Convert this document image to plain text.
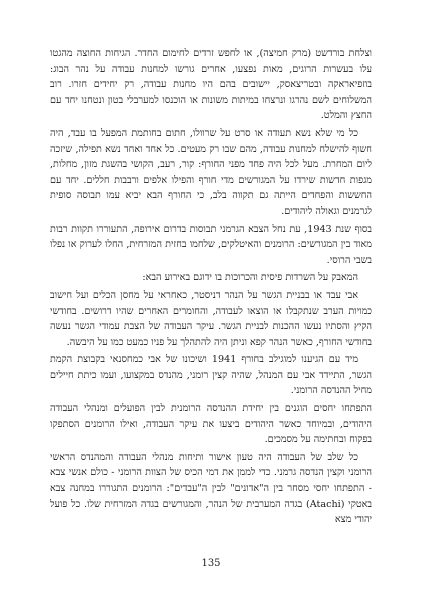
וצלחת בורדשט (מרק חמיצה), או לחפש זרדים לחימום החדר. הגיחות החוצה מהגטו עלו בעשרות הרוגים, מאות נפצעו, אחרים גורשו למחנות עבודה על נהר הבוג: בוזפיאראקה ובטריצאסק, יישובים בהם היו מחנות עבודה, רק יחידים חזרו. רוב המשלוחים לשם נהרגו ונרצחו במיתות משונות או הוכנסו למערבלי בטון ונטחנו יחד עם החצץ והמלט.

כל מי שלא נשא תעודה או סרט על שרוולו, חתום בחותמת המפעל בו עבד, היה חשוף להישלח למחנות עבודה, מהם שבו רק מעטים. כל אחד ואחד נשא תפילה, שיזכה ליום המחרת. מעל לכל היה פחד מפני החורף: קור, רעב, הקושי בהשגת מזון, מחלות, מגפות חדשות שירדו על המגורשים מדי חורף והפילו אלפים ורבבות חללים. יחד עם החששות והפחדים הייתה גם תקווה בלב, כי החורף הבא יביא עמו תבוסה סופית לגרמנים וגאולה ליהודים.

בסוף שנת 1943, עת נחל הצבא הגרמני תבוסות בדרום אירופה, התעוררו תקוות רבות מאוד בין המגורשים: הרומנים והאיטלקים, שלחמו בחזית המזרחית, החלו לערוק או נפלו בשבי הרוסי.

המאבק על השרדות פיסית והכרוכות בו ידוגם באירוע הבא:

אבי עבד או בבניית הגשר על הנהר דניסטר, כאחראי על מחסן הכלים ועל חישוב כמויות הערב שנתקבלו או הוצאו לעבודה, והחומרים האחרים שהיו דרושים. בחודשי הקיץ והסתיו נעשו ההכנות לבניית הגשר. עיקר העבודה של הצבת עמודי הגשר נעשה בחודשי החורף, כאשר הנהר קפא וניתן היה להתהלך על פניו כמעט כמו על היבשה.

מיד עם הגיענו למוגילב בחורף 1941 ושיכונו של אבי כמחסנאי בקבוצת הקמת הגשר, התיידד אבי עם המנהל, שהיה קצין רומני, מהנדס במקצועו, ועמו כיתת חיילים מחיל ההנדסה הרומני.

התפתחו יחסים הוגנים בין יחידת ההנדסה הרומנית לבין הפועלים ומנהלי העבודה היהודים, ובמיוחד כאשר היהודים ביצעו את עיקר העבודה, ואילו הרומנים הסתפקו בפקוח ובחתימה על מסמכים.

כל שלב של העבודה היה טעון אישור ותיחות מנהלי העבודה והמהנדס הראשי הרומני וקצין הנדסה גרמני. כדי לממן את דמי הכיס של הצוות הרומני - כולם אנשי צבא - התפתחו יחסי מסחר בין ה"אדונים" לבין ה"עבדים": הרומנים התגוררו במחנה צבא באטקי (Atachi) בגדה המערבית של הנהר, והמגורשים בגדה המזרחית שלו. כל פועל יהודי מצא

135
